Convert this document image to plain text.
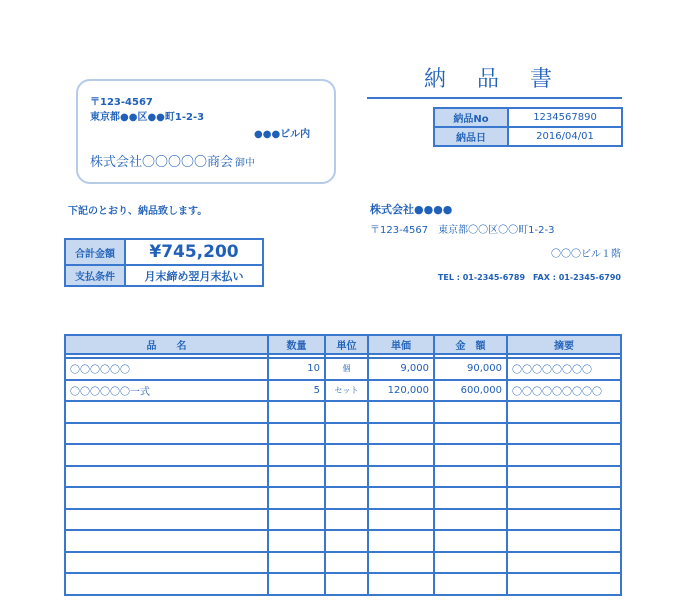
納 品 書
〒123-4567
東京都●●区●●町1-2-3
●●●ビル内
株式会社〇〇〇〇〇商会 御中
納品No	1234567890
納品日	2016/04/01
下記のとおり、納品致します。	株式会社●●●●
〒123-4567　東京都〇〇区〇〇町1-2-3
〇〇〇ビル１階
TEL : 01-2345-6789　FAX : 01-2345-6790
合計金額	¥745,200
支払条件	月末締め翌月末払い
品　　名	数量	単位	単価	金　額	摘要

〇〇〇〇〇〇	10	個	9,000	90,000	〇〇〇〇〇〇〇〇
〇〇〇〇〇〇一式	5	セット	120,000	600,000	〇〇〇〇〇〇〇〇〇
